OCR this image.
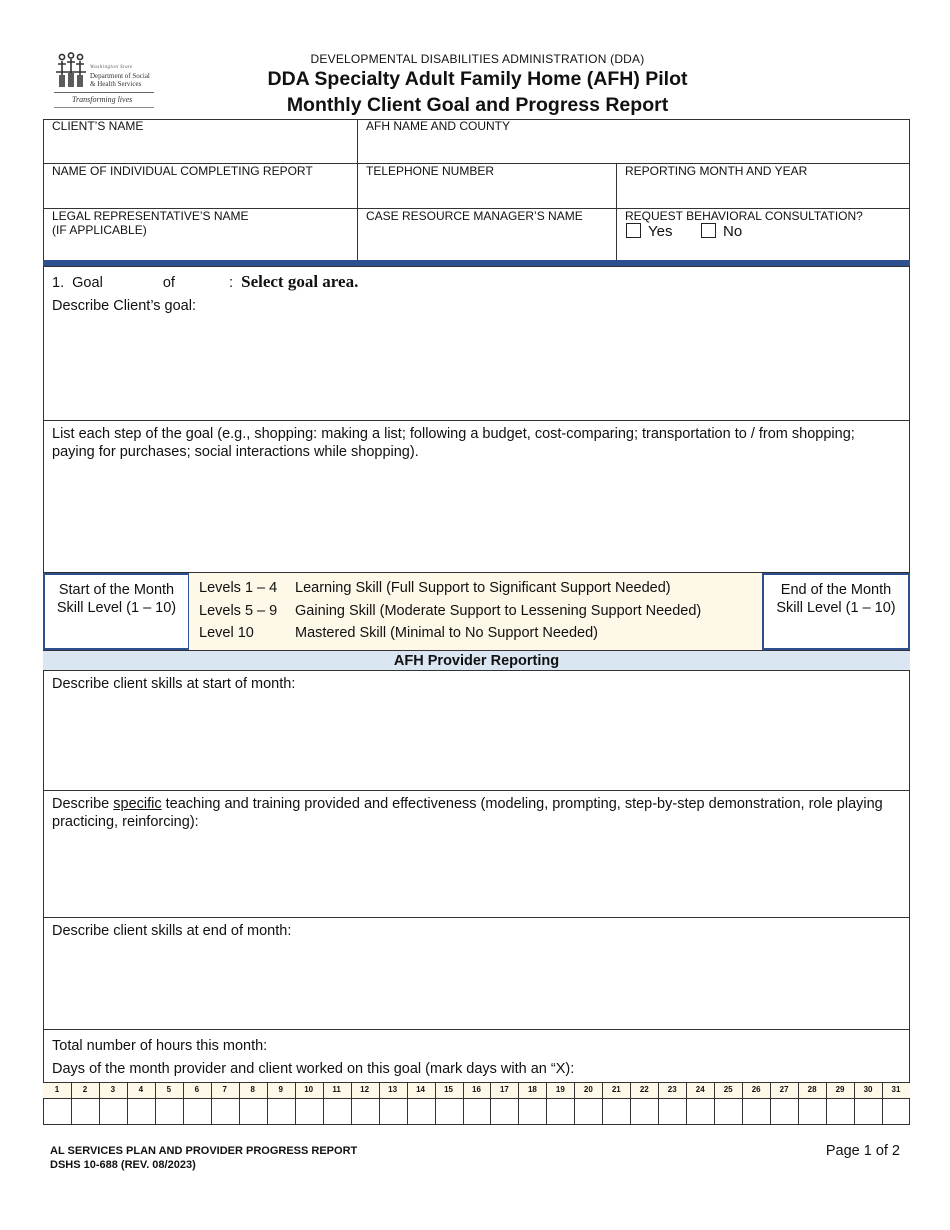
Washington State
Department of Social
& Health Services
Transforming lives
DEVELOPMENTAL DISABILITIES ADMINISTRATION (DDA)
DDA Specialty Adult Family Home (AFH) Pilot
Monthly Client Goal and Progress Report
CLIENT’S NAME	AFH NAME AND COUNTY
NAME OF INDIVIDUAL COMPLETING REPORT	TELEPHONE NUMBER	REPORTING MONTH AND YEAR
LEGAL REPRESENTATIVE’S NAME
(IF APPLICABLE)
CASE RESOURCE MANAGER’S NAME	REQUEST BEHAVIORAL CONSULTATION?
Yes	No
1. Goal	of	: Select goal area.
Describe Client’s goal:
List each step of the goal (e.g., shopping: making a list; following a budget, cost-comparing; transportation to / from shopping; paying for purchases; social interactions while shopping).
Start of the Month
Skill Level (1 – 10)
Levels 1 – 4 Learning Skill (Full Support to Significant Support Needed)
Levels 5 – 9 Gaining Skill (Moderate Support to Lessening Support Needed)
Level 10	Mastered Skill (Minimal to No Support Needed)
End of the Month
Skill Level (1 – 10)
AFH Provider Reporting
Describe client skills at start of month:
Describe specific teaching and training provided and effectiveness (modeling, prompting, step-by-step demonstration, role playing practicing, reinforcing):
Describe client skills at end of month:
Total number of hours this month:
Days of the month provider and client worked on this goal (mark days with an “X):
1	2	3	4	5	6	7	8	9	10	11	12	13	14	15	16	17	18	19	20	21	22	23	24	25	26	27	28	29	30	31
AL SERVICES PLAN AND PROVIDER PROGRESS REPORT
DSHS 10-688 (REV. 08/2023)
Page 1 of 2
